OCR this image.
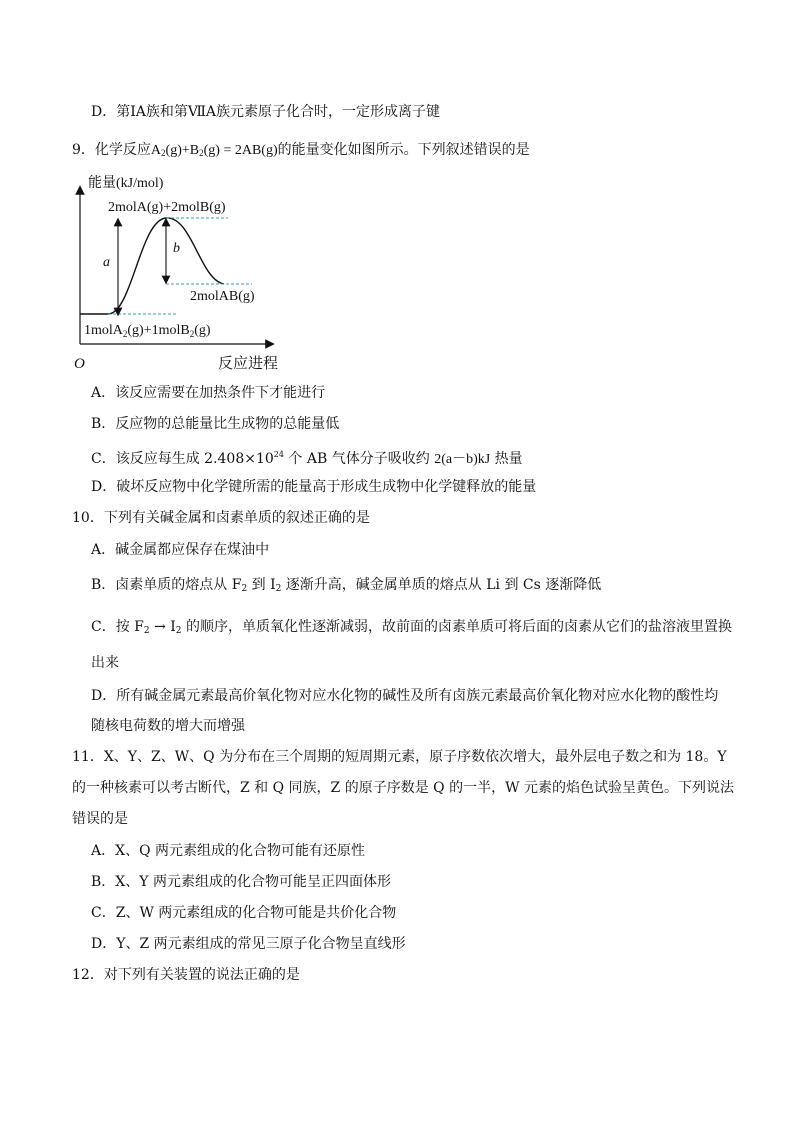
D．第ⅠA族和第ⅦA族元素原子化合时，一定形成离子键
9．化学反应$A_2(g)+B_2(g) = 2AB(g)$的能量变化如图所示。下列叙述错误的是
能量(kJ/mol)
反应进程
O
a
b
2molA(g)+2molB(g)
2molAB(g)
1molA$_2$(g)+1molB$_2$(g)
A．该反应需要在加热条件下才能进行
B．反应物的总能量比生成物的总能量低
C．该反应每生成 $2.408\times 10^{24}$ 个 AB 气体分子吸收约 2(a－b)kJ 热量
D．破坏反应物中化学键所需的能量高于形成生成物中化学键释放的能量
10．下列有关碱金属和卤素单质的叙述正确的是
A．碱金属都应保存在煤油中
B．卤素单质的熔点从 $F_2$ 到 $I_2$ 逐渐升高，碱金属单质的熔点从 Li 到 Cs 逐渐降低
C．按 $F_2 \to I_2$ 的顺序，单质氧化性逐渐减弱，故前面的卤素单质可将后面的卤素从它们的盐溶液里置换
出来
D．所有碱金属元素最高价氧化物对应水化物的碱性及所有卤族元素最高价氧化物对应水化物的酸性均
随核电荷数的增大而增强
11．X、Y、Z、W、Q 为分布在三个周期的短周期元素，原子序数依次增大，最外层电子数之和为 18。Y
的一种核素可以考古断代，Z 和 Q 同族，Z 的原子序数是 Q 的一半，W 元素的焰色试验呈黄色。下列说法
错误的是
A．X、Q 两元素组成的化合物可能有还原性
B．X、Y 两元素组成的化合物可能呈正四面体形
C．Z、W 两元素组成的化合物可能是共价化合物
D．Y、Z 两元素组成的常见三原子化合物呈直线形
12．对下列有关装置的说法正确的是
